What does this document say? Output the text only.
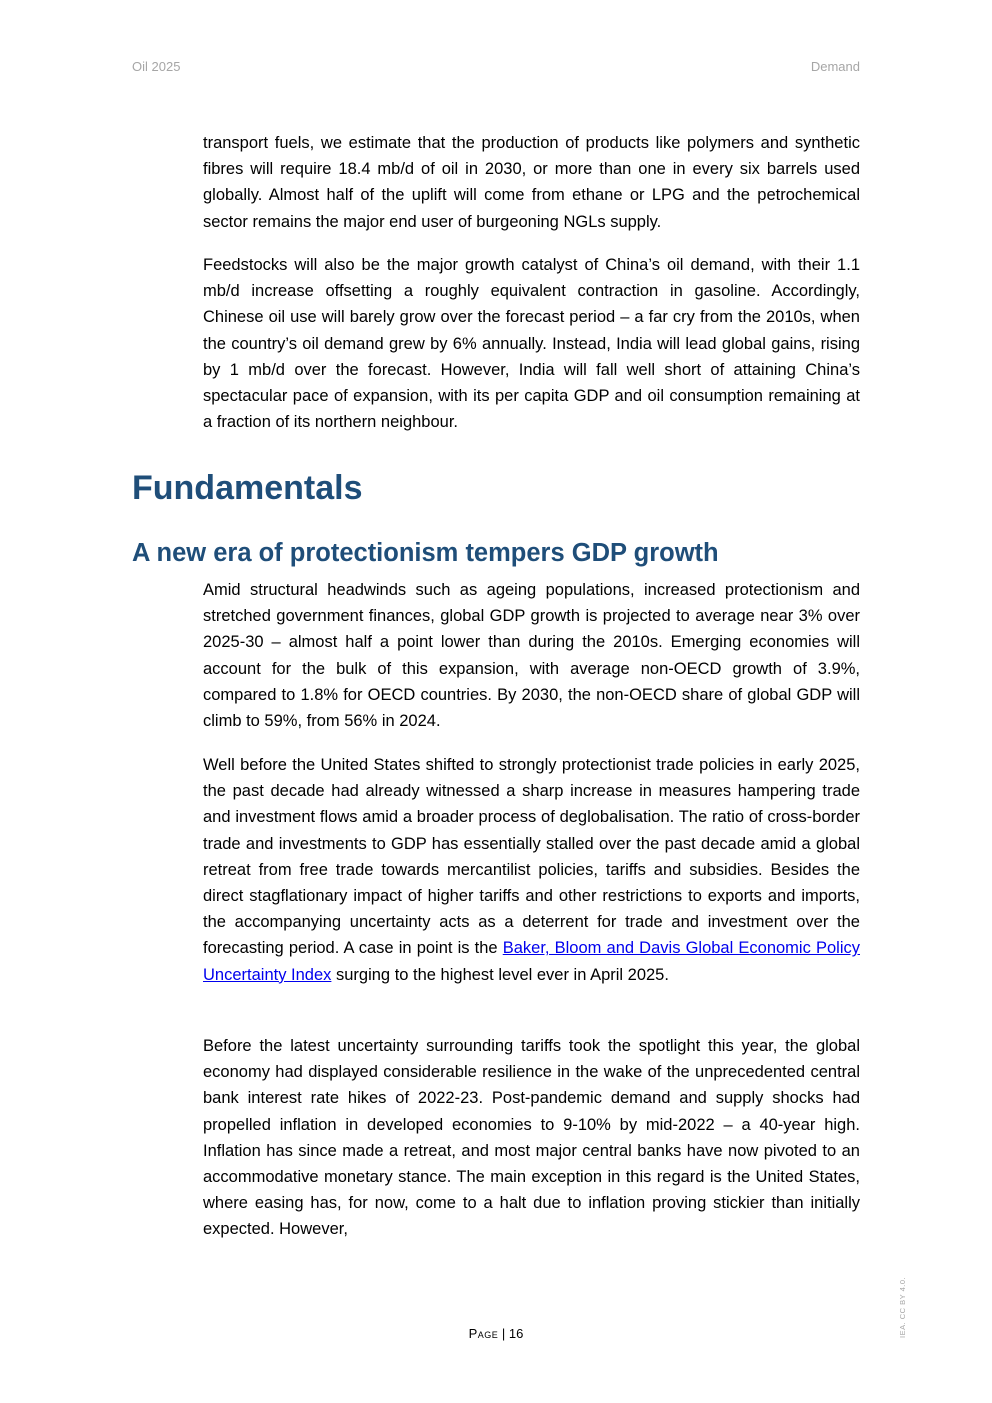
Oil 2025	Demand

transport fuels, we estimate that the production of products like polymers and synthetic fibres will require 18.4 mb/d of oil in 2030, or more than one in every six barrels used globally. Almost half of the uplift will come from ethane or LPG and the petrochemical sector remains the major end user of burgeoning NGLs supply.

Feedstocks will also be the major growth catalyst of China’s oil demand, with their 1.1 mb/d increase offsetting a roughly equivalent contraction in gasoline. Accordingly, Chinese oil use will barely grow over the forecast period – a far cry from the 2010s, when the country’s oil demand grew by 6% annually. Instead, India will lead global gains, rising by 1 mb/d over the forecast. However, India will fall well short of attaining China’s spectacular pace of expansion, with its per capita GDP and oil consumption remaining at a fraction of its northern neighbour.

Fundamentals
A new era of protectionism tempers GDP growth

Amid structural headwinds such as ageing populations, increased protectionism and stretched government finances, global GDP growth is projected to average near 3% over 2025-30 – almost half a point lower than during the 2010s. Emerging economies will account for the bulk of this expansion, with average non-OECD growth of 3.9%, compared to 1.8% for OECD countries. By 2030, the non-OECD share of global GDP will climb to 59%, from 56% in 2024.

Well before the United States shifted to strongly protectionist trade policies in early 2025, the past decade had already witnessed a sharp increase in measures hampering trade and investment flows amid a broader process of deglobalisation. The ratio of cross-border trade and investments to GDP has essentially stalled over the past decade amid a global retreat from free trade towards mercantilist policies, tariffs and subsidies. Besides the direct stagflationary impact of higher tariffs and other restrictions to exports and imports, the accompanying uncertainty acts as a deterrent for trade and investment over the forecasting period. A case in point is the Baker, Bloom and Davis Global Economic Policy Uncertainty Index surging to the highest level ever in April 2025.

Before the latest uncertainty surrounding tariffs took the spotlight this year, the global economy had displayed considerable resilience in the wake of the unprecedented central bank interest rate hikes of 2022-23. Post-pandemic demand and supply shocks had propelled inflation in developed economies to 9-10% by mid-2022 – a 40-year high. Inflation has since made a retreat, and most major central banks have now pivoted to an accommodative monetary stance. The main exception in this regard is the United States, where easing has, for now, come to a halt due to inflation proving stickier than initially expected. However,

Page | 16	IEA. CC BY 4.0.
